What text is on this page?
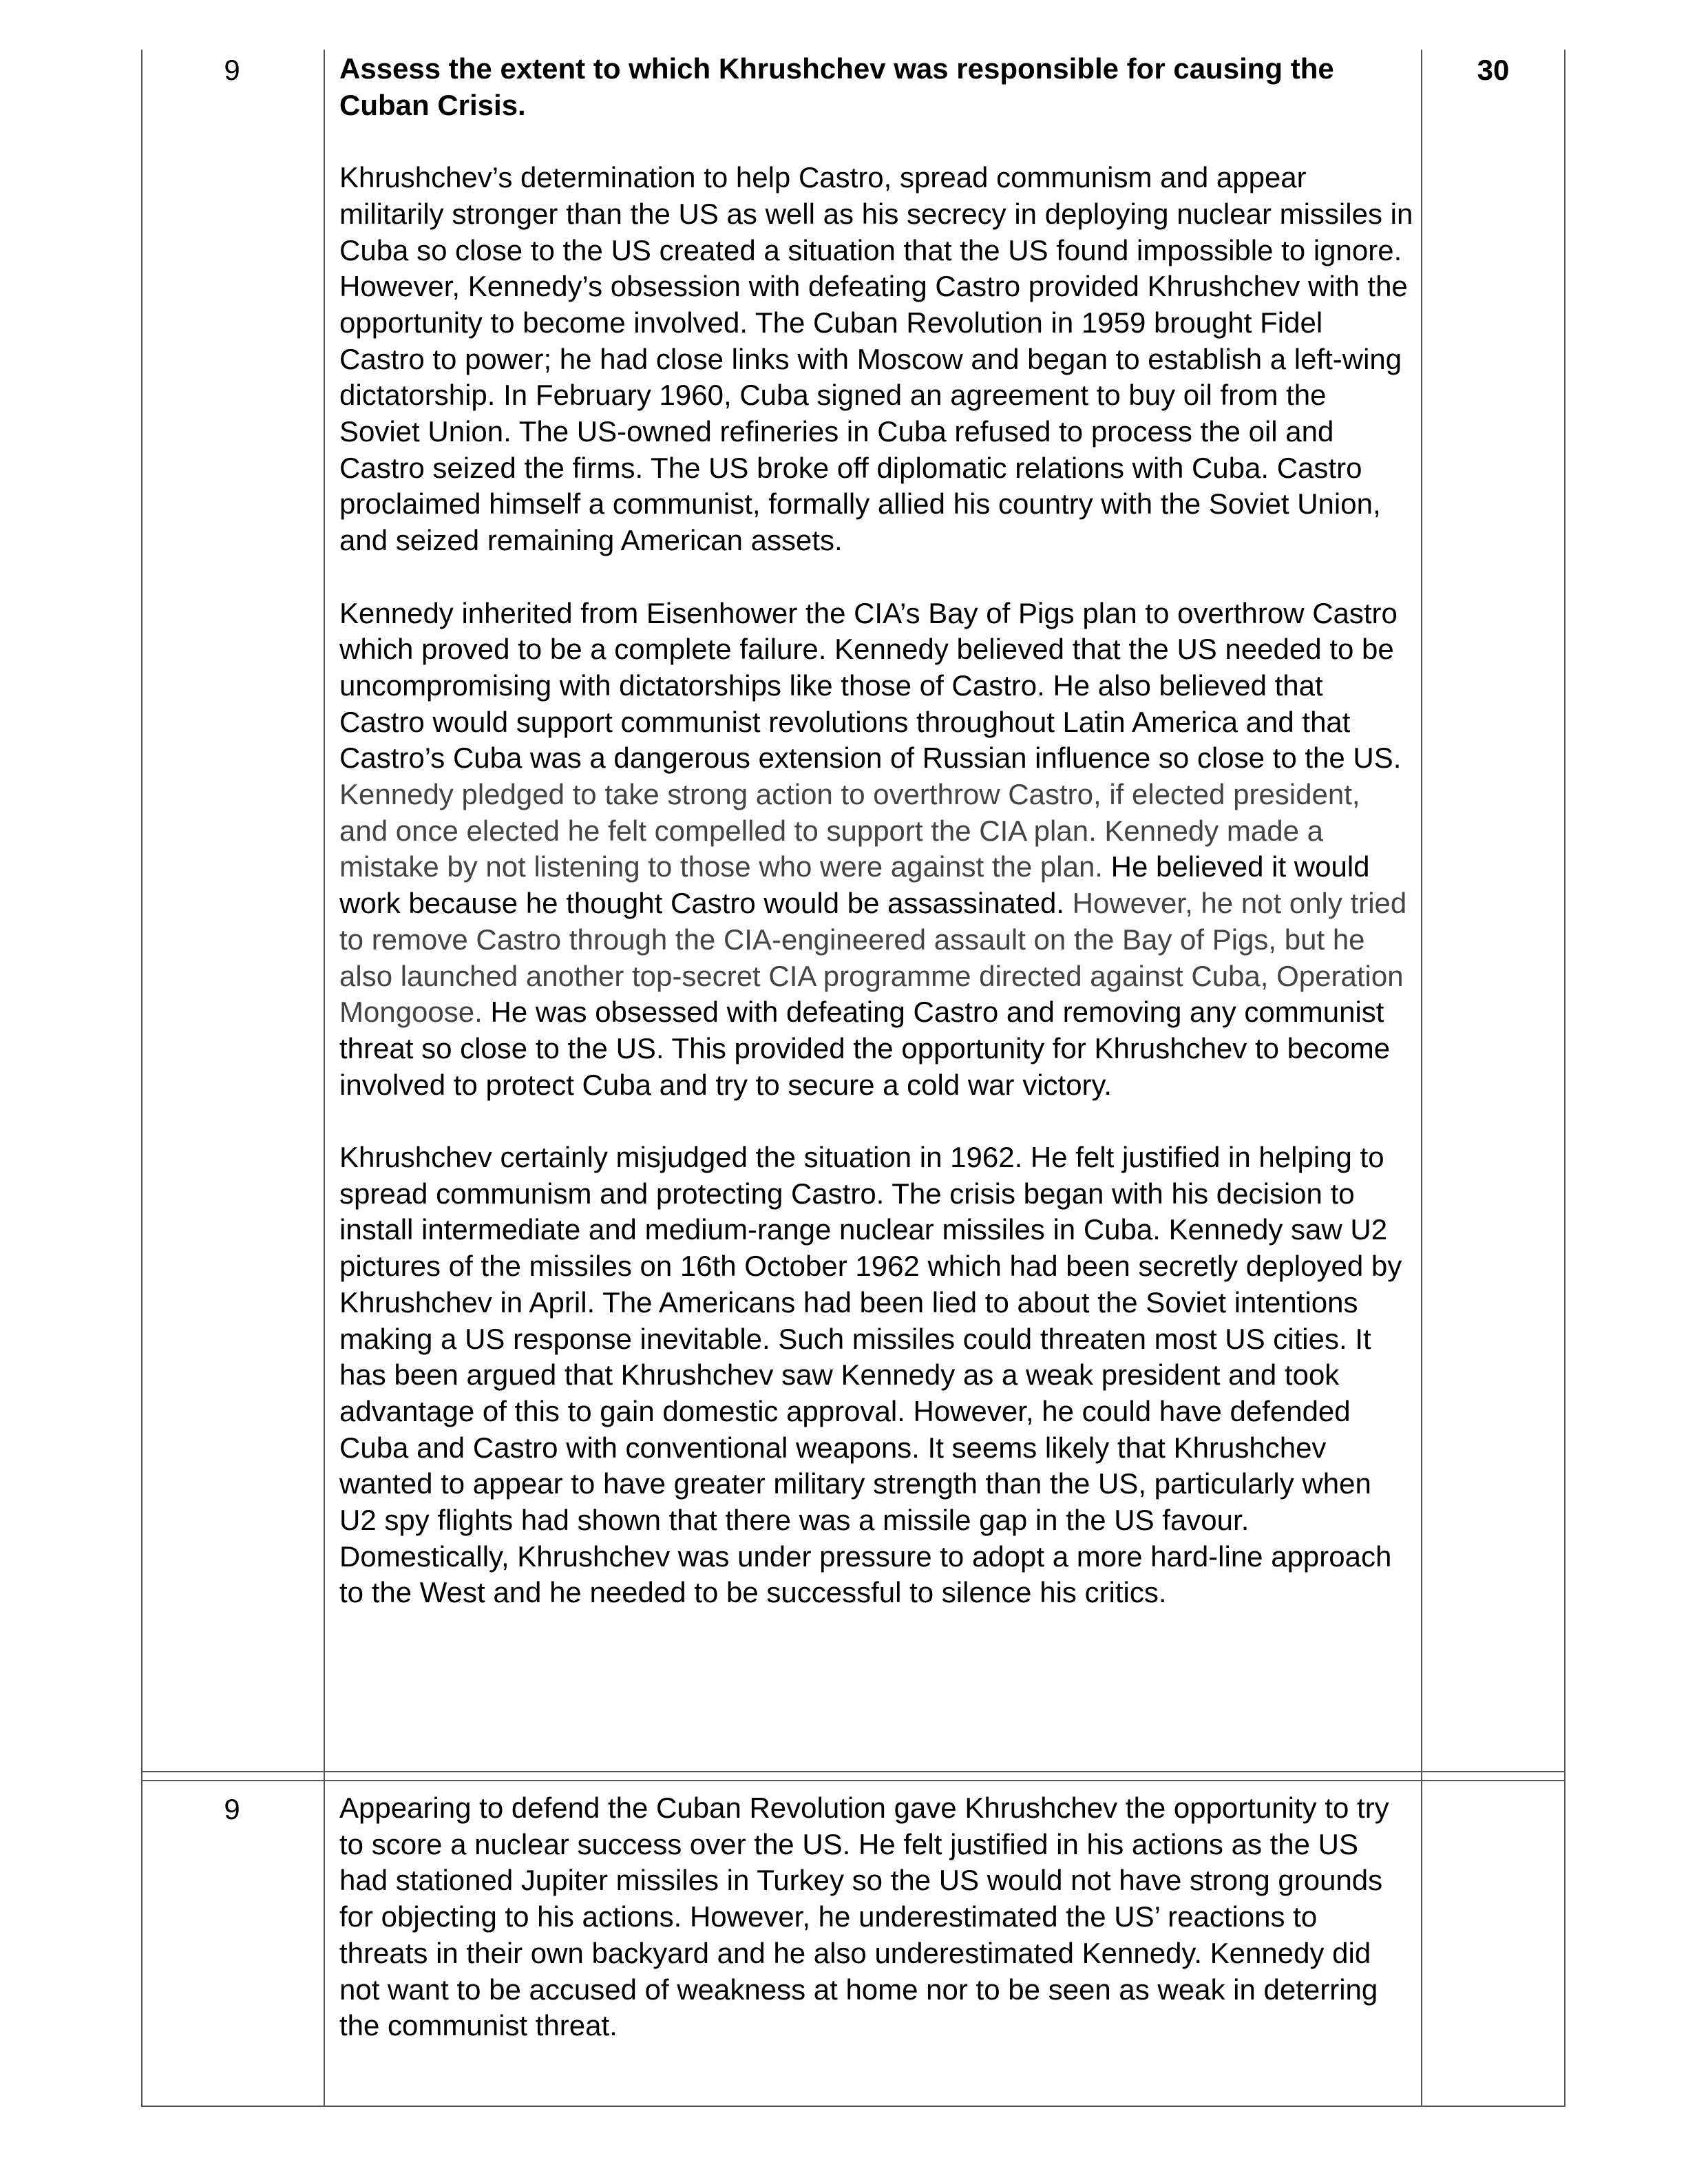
9	30

Assess the extent to which Khrushchev was responsible for causing the Cuban Crisis.

Khrushchev’s determination to help Castro, spread communism and appear militarily stronger than the US as well as his secrecy in deploying nuclear missiles in Cuba so close to the US created a situation that the US found impossible to ignore. However, Kennedy’s obsession with defeating Castro provided Khrushchev with the opportunity to become involved. The Cuban Revolution in 1959 brought Fidel Castro to power; he had close links with Moscow and began to establish a left-wing dictatorship. In February 1960, Cuba signed an agreement to buy oil from the Soviet Union. The US-owned refineries in Cuba refused to process the oil and Castro seized the firms. The US broke off diplomatic relations with Cuba. Castro proclaimed himself a communist, formally allied his country with the Soviet Union, and seized remaining American assets.

Kennedy inherited from Eisenhower the CIA’s Bay of Pigs plan to overthrow Castro which proved to be a complete failure. Kennedy believed that the US needed to be uncompromising with dictatorships like those of Castro. He also believed that Castro would support communist revolutions throughout Latin America and that Castro’s Cuba was a dangerous extension of Russian influence so close to the US. Kennedy pledged to take strong action to overthrow Castro, if elected president, and once elected he felt compelled to support the CIA plan. Kennedy made a mistake by not listening to those who were against the plan. He believed it would work because he thought Castro would be assassinated. However, he not only tried to remove Castro through the CIA-engineered assault on the Bay of Pigs, but he also launched another top-secret CIA programme directed against Cuba, Operation Mongoose. He was obsessed with defeating Castro and removing any communist threat so close to the US. This provided the opportunity for Khrushchev to become involved to protect Cuba and try to secure a cold war victory.

Khrushchev certainly misjudged the situation in 1962. He felt justified in helping to spread communism and protecting Castro. The crisis began with his decision to install intermediate and medium-range nuclear missiles in Cuba. Kennedy saw U2 pictures of the missiles on 16th October 1962 which had been secretly deployed by Khrushchev in April. The Americans had been lied to about the Soviet intentions making a US response inevitable. Such missiles could threaten most US cities. It has been argued that Khrushchev saw Kennedy as a weak president and took advantage of this to gain domestic approval. However, he could have defended Cuba and Castro with conventional weapons. It seems likely that Khrushchev wanted to appear to have greater military strength than the US, particularly when U2 spy flights had shown that there was a missile gap in the US favour. Domestically, Khrushchev was under pressure to adopt a more hard-line approach to the West and he needed to be successful to silence his critics.

9	Appearing to defend the Cuban Revolution gave Khrushchev the opportunity to try to score a nuclear success over the US. He felt justified in his actions as the US had stationed Jupiter missiles in Turkey so the US would not have strong grounds for objecting to his actions. However, he underestimated the US’ reactions to threats in their own backyard and he also underestimated Kennedy. Kennedy did not want to be accused of weakness at home nor to be seen as weak in deterring the communist threat.
